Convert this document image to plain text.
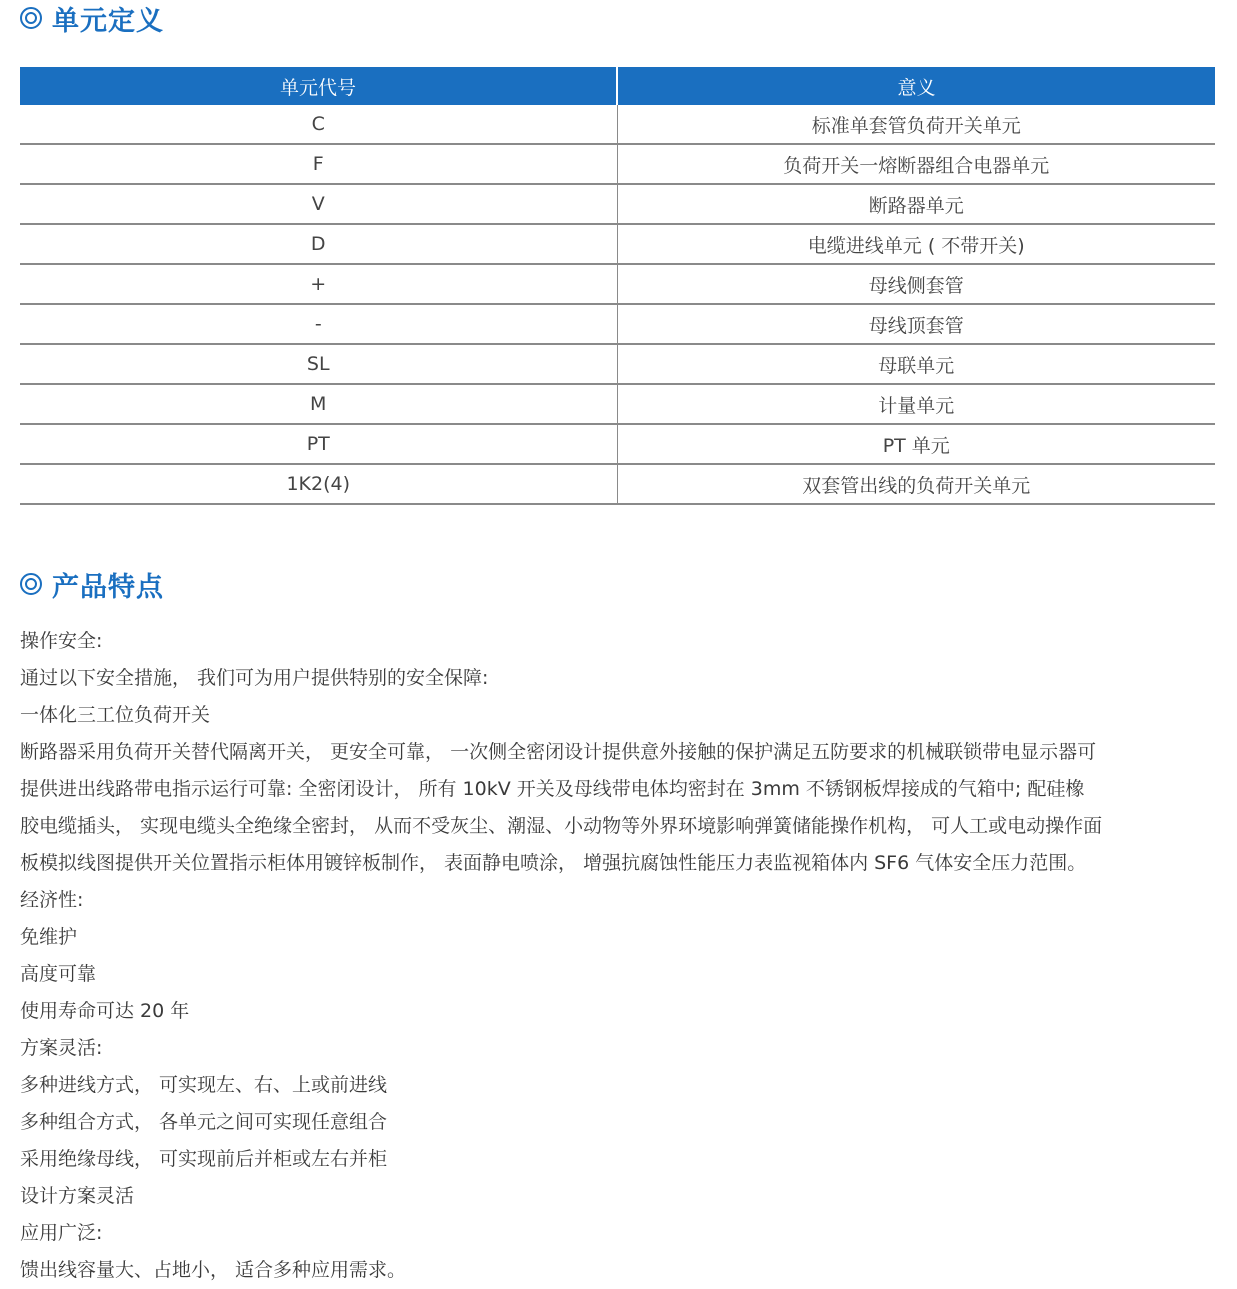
单元定义
单元代号	意义
C	标准单套管负荷开关单元
F	负荷开关一熔断器组合电器单元
V	断路器单元
D	电缆进线单元 ( 不带开关)
+	母线侧套管
-	母线顶套管
SL	母联单元
M	计量单元
PT	PT 单元
1K2(4)	双套管出线的负荷开关单元
产品特点
操作安全:
通过以下安全措施， 我们可为用户提供特别的安全保障:
一体化三工位负荷开关
断路器采用负荷开关替代隔离开关， 更安全可靠， 一次侧全密闭设计提供意外接触的保护满足五防要求的机械联锁带电显示器可
提供进出线路带电指示运行可靠: 全密闭设计， 所有 10kV 开关及母线带电体均密封在 3mm 不锈钢板焊接成的气箱中; 配硅橡
胶电缆插头， 实现电缆头全绝缘全密封， 从而不受灰尘、潮湿、小动物等外界环境影响弹簧储能操作机构， 可人工或电动操作面
板模拟线图提供开关位置指示柜体用镀锌板制作， 表面静电喷涂， 增强抗腐蚀性能压力表监视箱体内 SF6 气体安全压力范围。
经济性:
免维护
高度可靠
使用寿命可达 20 年
方案灵活:
多种进线方式， 可实现左、右、上或前进线
多种组合方式， 各单元之间可实现任意组合
采用绝缘母线， 可实现前后并柜或左右并柜
设计方案灵活
应用广泛:
馈出线容量大、占地小， 适合多种应用需求。
